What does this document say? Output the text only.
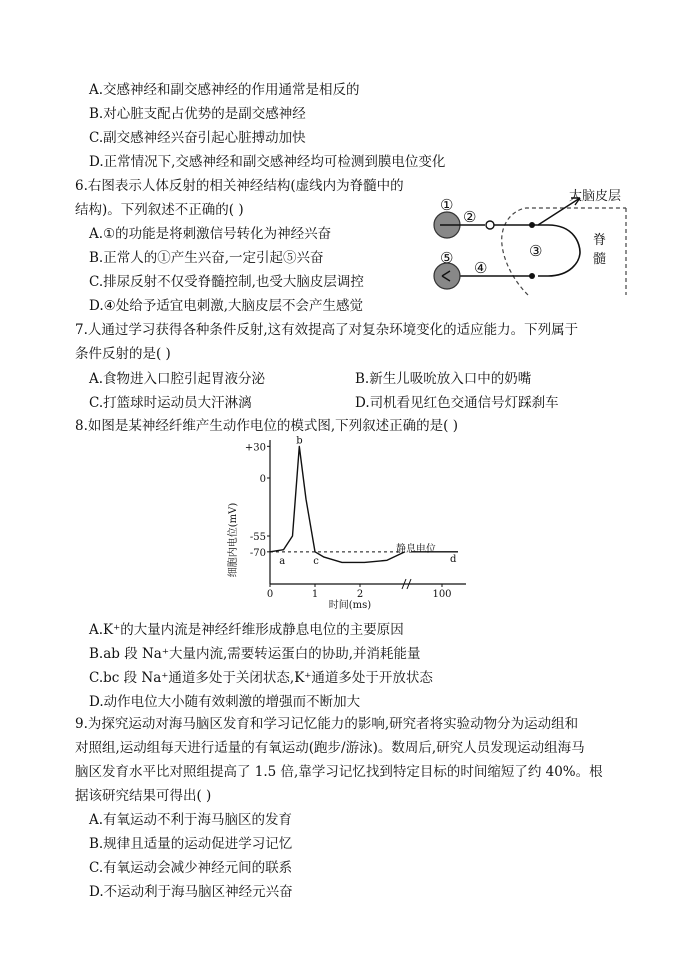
A.交感神经和副交感神经的作用通常是相反的
B.对心脏支配占优势的是副交感神经
C.副交感神经兴奋引起心脏搏动加快
D.正常情况下,交感神经和副交感神经均可检测到膜电位变化
6.右图表示人体反射的相关神经结构(虚线内为脊髓中的
结构)。下列叙述不正确的( )
A.①的功能是将刺激信号转化为神经兴奋
B.正常人的①产生兴奋,一定引起⑤兴奋
C.排尿反射不仅受脊髓控制,也受大脑皮层调控
D.④处给予适宜电刺激,大脑皮层不会产生感觉
①
②
③
④
⑤
大脑皮层
脊
髓
7.人通过学习获得各种条件反射,这有效提高了对复杂环境变化的适应能力。下列属于
条件反射的是( )
A.食物进入口腔引起胃液分泌	B.新生儿吸吮放入口中的奶嘴
C.打篮球时运动员大汗淋漓	D.司机看见红色交通信号灯踩刹车
8.如图是某神经纤维产生动作电位的模式图,下列叙述正确的是( )
细胞内电位(mV)
时间(ms)
静息电位
+30
0
-55
-70
0	1	2	100
a
b
c	d
A.K⁺的大量内流是神经纤维形成静息电位的主要原因
B.ab 段 Na⁺大量内流,需要转运蛋白的协助,并消耗能量
C.bc 段 Na⁺通道多处于关闭状态,K⁺通道多处于开放状态
D.动作电位大小随有效刺激的增强而不断加大
9.为探究运动对海马脑区发育和学习记忆能力的影响,研究者将实验动物分为运动组和
对照组,运动组每天进行适量的有氧运动(跑步/游泳)。数周后,研究人员发现运动组海马
脑区发育水平比对照组提高了 1.5 倍,靠学习记忆找到特定目标的时间缩短了约 40%。根
据该研究结果可得出( )
A.有氧运动不利于海马脑区的发育
B.规律且适量的运动促进学习记忆
C.有氧运动会减少神经元间的联系
D.不运动利于海马脑区神经元兴奋
